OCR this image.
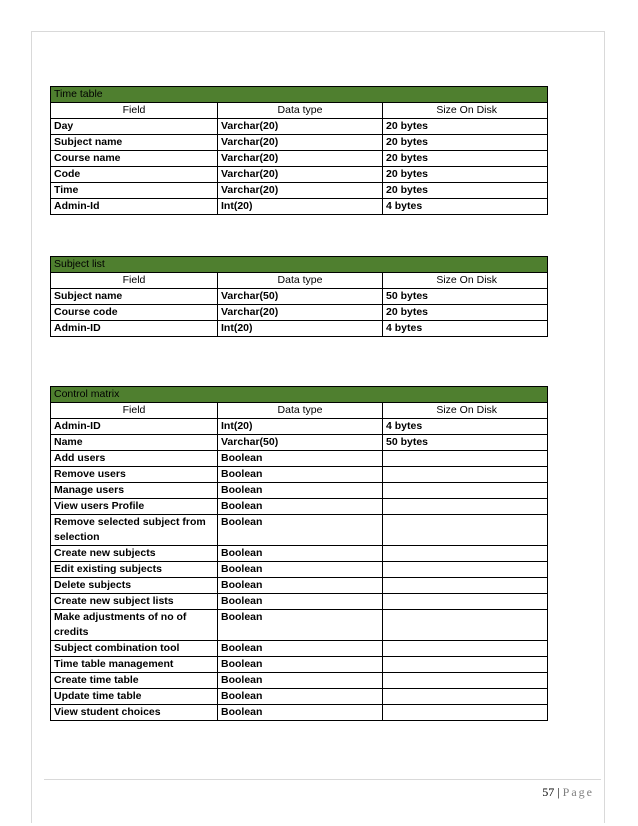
Time table		
Field	Data type	Size On Disk
Day	Varchar(20)	20 bytes
Subject name	Varchar(20)	20 bytes
Course name	Varchar(20)	20 bytes
Code	Varchar(20)	20 bytes
Time	Varchar(20)	20 bytes
Admin-Id	Int(20)	4 bytes
Subject list		
Field	Data type	Size On Disk
Subject name	Varchar(50)	50 bytes
Course code	Varchar(20)	20 bytes
Admin-ID	Int(20)	4 bytes
Control matrix		
Field	Data type	Size On Disk
Admin-ID	Int(20)	4 bytes
Name	Varchar(50)	50 bytes
Add users	Boolean	
Remove users	Boolean	
Manage users	Boolean	
View users Profile	Boolean	
Remove selected subject from selection	Boolean	
Create new subjects	Boolean	
Edit existing subjects	Boolean	
Delete subjects	Boolean	
Create new subject lists	Boolean	
Make adjustments of no of credits	Boolean	
Subject combination tool	Boolean	
Time table management	Boolean	
Create time table	Boolean	
Update time table	Boolean	
View student choices	Boolean	
57 | Page
